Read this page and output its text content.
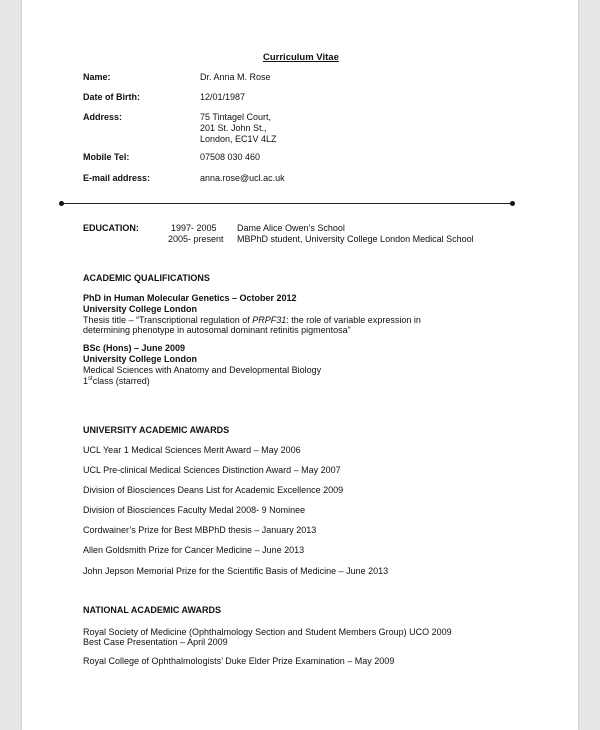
Curriculum Vitae
Name:	Dr. Anna M. Rose
Date of Birth:	12/01/1987
Address:	75 Tintagel Court,
201 St. John St.,
London, EC1V 4LZ
Mobile Tel:	07508 030 460
E-mail address:	anna.rose@ucl.ac.uk
EDUCATION:	1997- 2005 Dame Alice Owen’s School
2005- present MBPhD student, University College London Medical School
ACADEMIC QUALIFICATIONS
PhD in Human Molecular Genetics – October 2012
University College London
Thesis title – “Transcriptional regulation of PRPF31: the role of variable expression in
determining phenotype in autosomal dominant retinitis pigmentosa”
BSc (Hons) – June 2009
University College London
Medical Sciences with Anatomy and Developmental Biology
1stclass (starred)
UNIVERSITY ACADEMIC AWARDS
UCL Year 1 Medical Sciences Merit Award – May 2006
UCL Pre-clinical Medical Sciences Distinction Award – May 2007
Division of Biosciences Deans List for Academic Excellence 2009
Division of Biosciences Faculty Medal 2008- 9 Nominee
Cordwainer’s Prize for Best MBPhD thesis – January 2013
Allen Goldsmith Prize for Cancer Medicine – June 2013
John Jepson Memorial Prize for the Scientific Basis of Medicine – June 2013
NATIONAL ACADEMIC AWARDS
Royal Society of Medicine (Ophthalmology Section and Student Members Group) UCO 2009
Best Case Presentation – April 2009
Royal College of Ophthalmologists’ Duke Elder Prize Examination – May 2009
